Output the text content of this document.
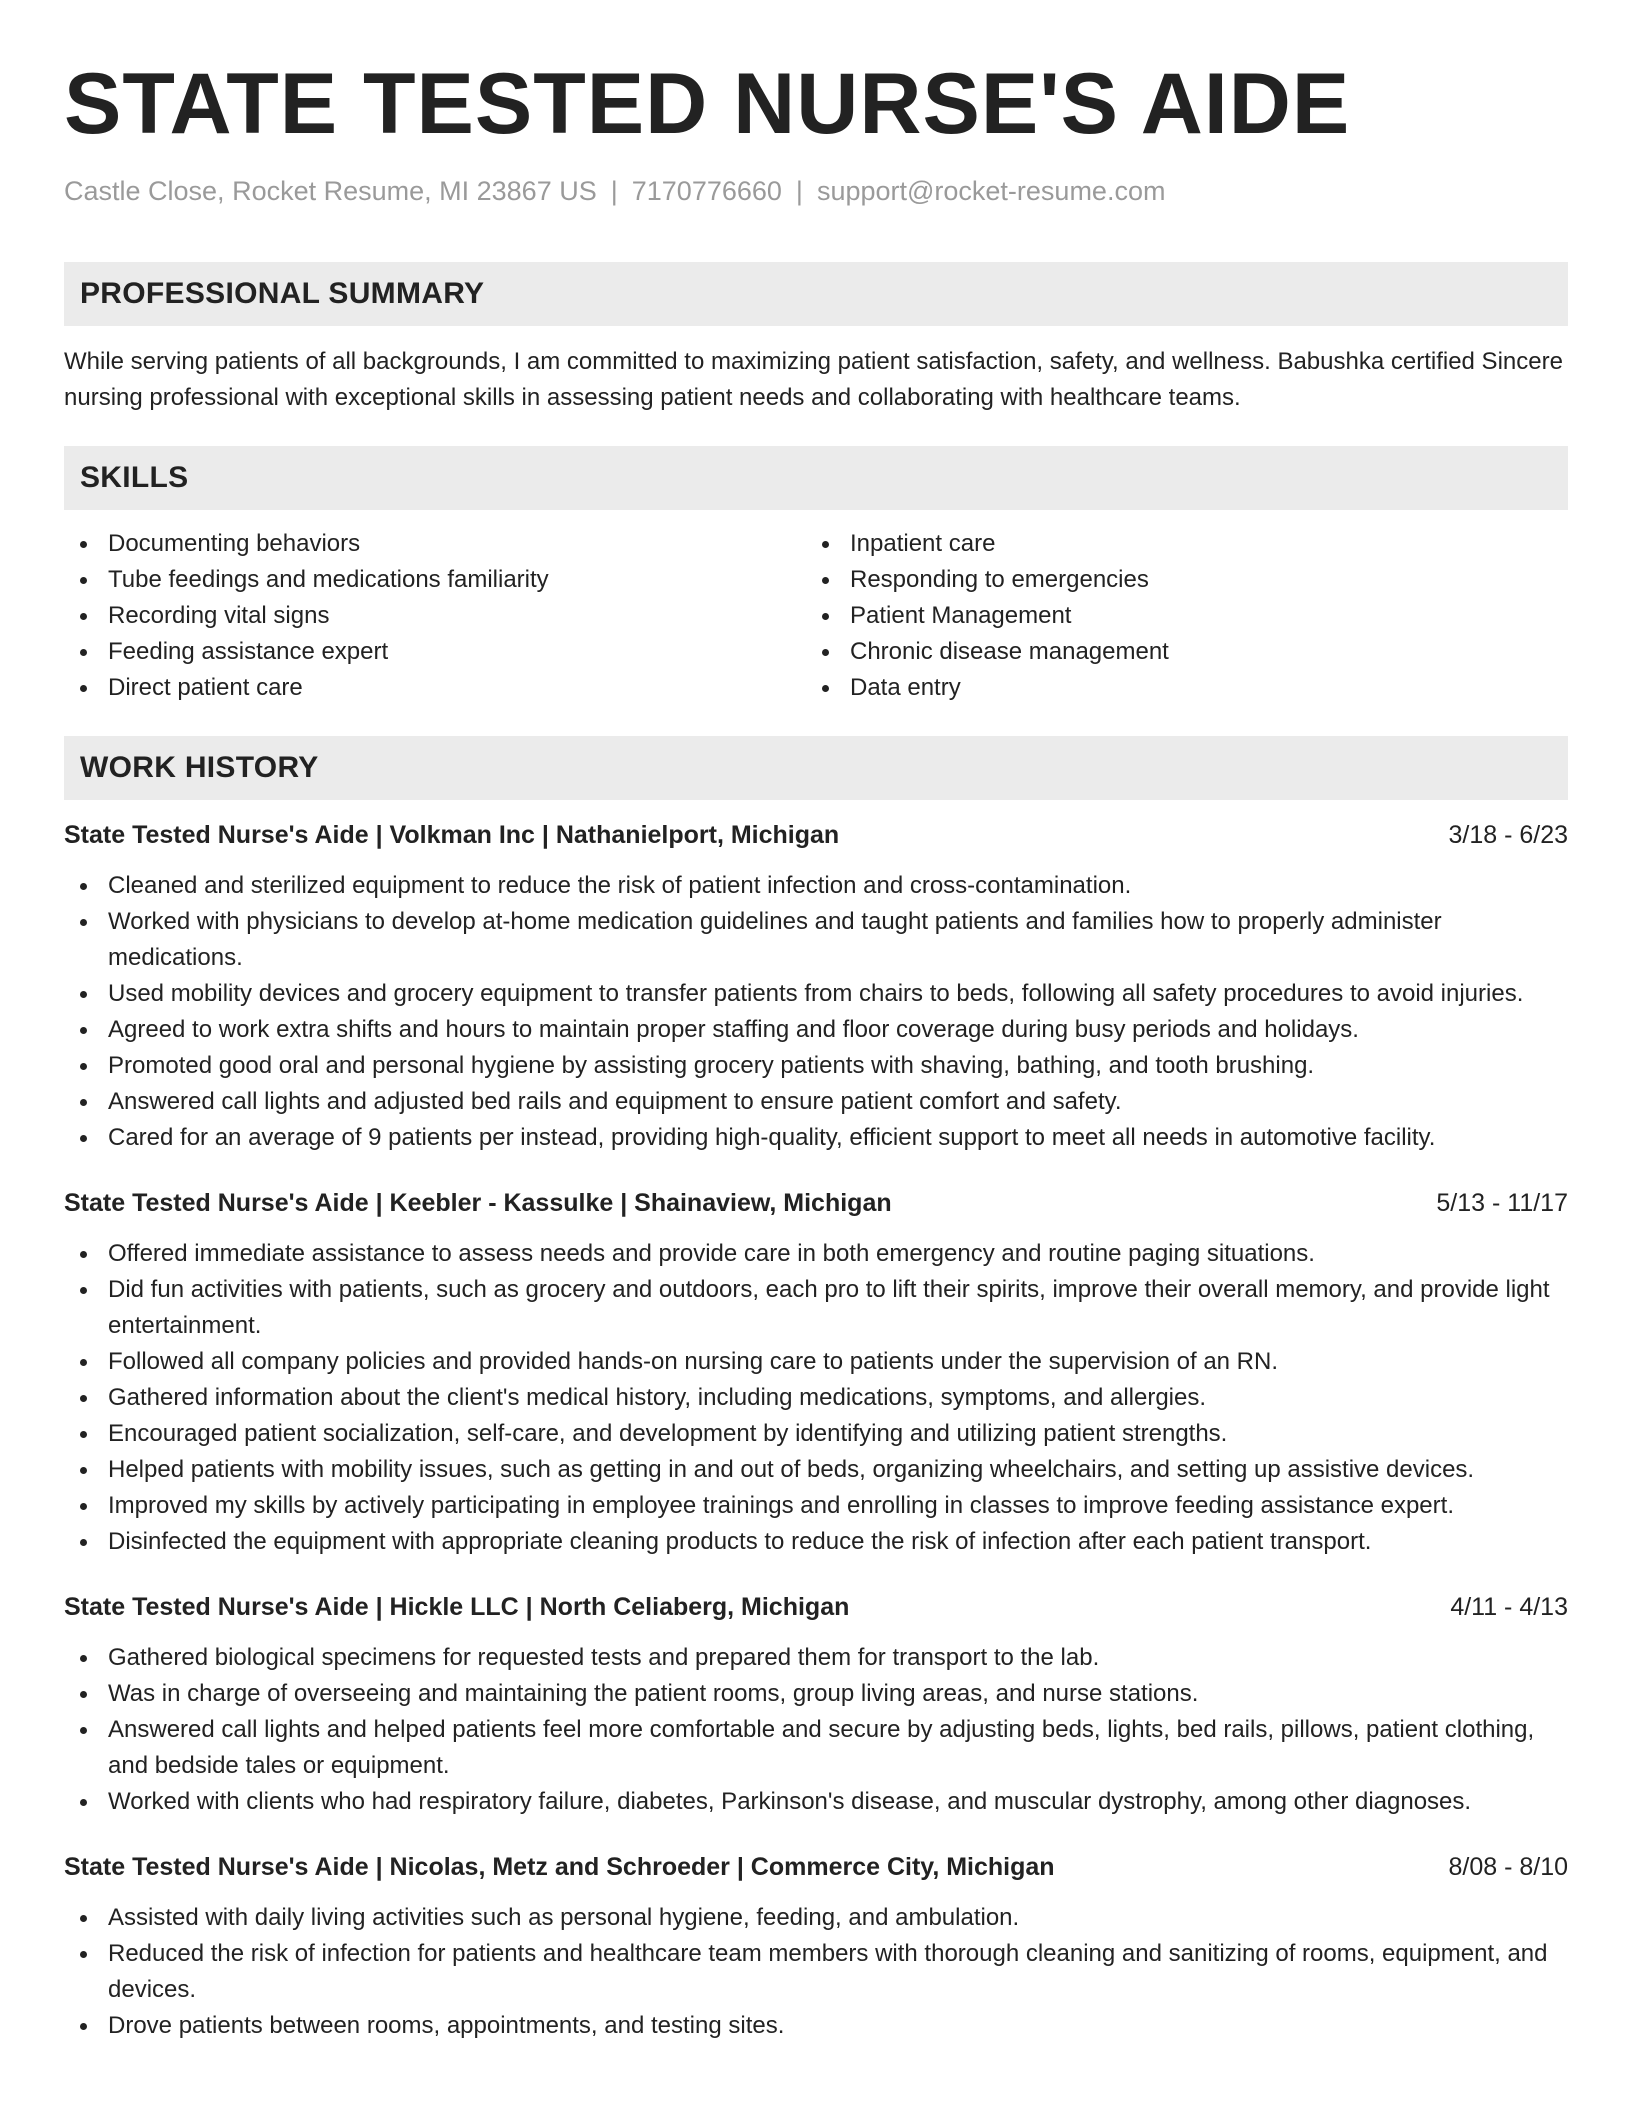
STATE TESTED NURSE'S AIDE
Castle Close, Rocket Resume, MI 23867 US | 7170776660 | support@rocket-resume.com
PROFESSIONAL SUMMARY
While serving patients of all backgrounds, I am committed to maximizing patient satisfaction, safety, and wellness. Babushka certified Sincere nursing professional with exceptional skills in assessing patient needs and collaborating with healthcare teams.
SKILLS
Documenting behaviors
Tube feedings and medications familiarity
Recording vital signs
Feeding assistance expert
Direct patient care
Inpatient care
Responding to emergencies
Patient Management
Chronic disease management
Data entry
WORK HISTORY
State Tested Nurse's Aide | Volkman Inc | Nathanielport, Michigan	3/18 - 6/23
Cleaned and sterilized equipment to reduce the risk of patient infection and cross-contamination.
Worked with physicians to develop at-home medication guidelines and taught patients and families how to properly administer medications.
Used mobility devices and grocery equipment to transfer patients from chairs to beds, following all safety procedures to avoid injuries.
Agreed to work extra shifts and hours to maintain proper staffing and floor coverage during busy periods and holidays.
Promoted good oral and personal hygiene by assisting grocery patients with shaving, bathing, and tooth brushing.
Answered call lights and adjusted bed rails and equipment to ensure patient comfort and safety.
Cared for an average of 9 patients per instead, providing high-quality, efficient support to meet all needs in automotive facility.
State Tested Nurse's Aide | Keebler - Kassulke | Shainaview, Michigan	5/13 - 11/17
Offered immediate assistance to assess needs and provide care in both emergency and routine paging situations.
Did fun activities with patients, such as grocery and outdoors, each pro to lift their spirits, improve their overall memory, and provide light entertainment.
Followed all company policies and provided hands-on nursing care to patients under the supervision of an RN.
Gathered information about the client's medical history, including medications, symptoms, and allergies.
Encouraged patient socialization, self-care, and development by identifying and utilizing patient strengths.
Helped patients with mobility issues, such as getting in and out of beds, organizing wheelchairs, and setting up assistive devices.
Improved my skills by actively participating in employee trainings and enrolling in classes to improve feeding assistance expert.
Disinfected the equipment with appropriate cleaning products to reduce the risk of infection after each patient transport.
State Tested Nurse's Aide | Hickle LLC | North Celiaberg, Michigan	4/11 - 4/13
Gathered biological specimens for requested tests and prepared them for transport to the lab.
Was in charge of overseeing and maintaining the patient rooms, group living areas, and nurse stations.
Answered call lights and helped patients feel more comfortable and secure by adjusting beds, lights, bed rails, pillows, patient clothing, and bedside tales or equipment.
Worked with clients who had respiratory failure, diabetes, Parkinson's disease, and muscular dystrophy, among other diagnoses.
State Tested Nurse's Aide | Nicolas, Metz and Schroeder | Commerce City, Michigan	8/08 - 8/10
Assisted with daily living activities such as personal hygiene, feeding, and ambulation.
Reduced the risk of infection for patients and healthcare team members with thorough cleaning and sanitizing of rooms, equipment, and devices.
Drove patients between rooms, appointments, and testing sites.
